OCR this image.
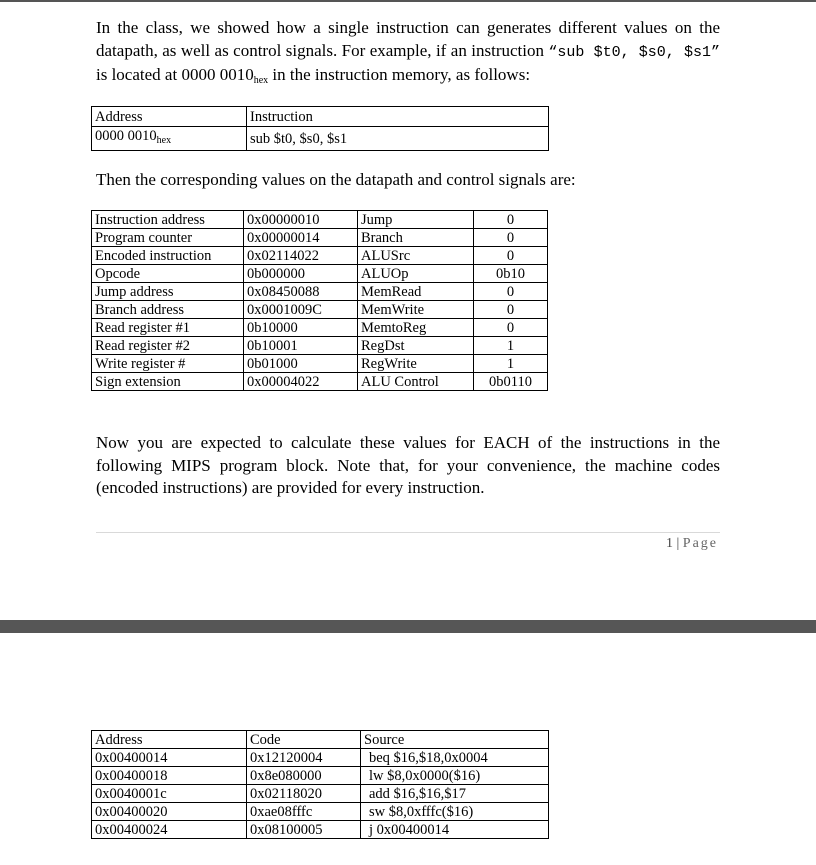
In the class, we showed how a single instruction can generates different values on the datapath, as well as control signals. For example, if an instruction “sub $t0, $s0, $s1” is located at 0000 $0010_{hex}$ in the instruction memory, as follows:

Address	Instruction
0000 $0010_{hex}$	sub $t0, $s0, $s1

Then the corresponding values on the datapath and control signals are:

Instruction address	0x00000010	Jump	0
Program counter	0x00000014	Branch	0
Encoded instruction	0x02114022	ALUSrc	0
Opcode	0b000000	ALUOp	0b10
Jump address	0x08450088	MemRead	0
Branch address	0x0001009C	MemWrite	0
Read register #1	0b10000	MemtoReg	0
Read register #2	0b10001	RegDst	1
Write register #	0b01000	RegWrite	1
Sign extension	0x00004022	ALU Control	0b0110

Now you are expected to calculate these values for EACH of the instructions in the following MIPS program block. Note that, for your convenience, the machine codes (encoded instructions) are provided for every instruction.

1 | Page
Address	Code	Source
0x00400014	0x12120004	beq $16,$18,0x0004
0x00400018	0x8e080000	lw $8,0x0000($16)
0x0040001c	0x02118020	add $16,$16,$17
0x00400020	0xae08fffc	sw $8,0xfffc($16)
0x00400024	0x08100005	j 0x00400014
